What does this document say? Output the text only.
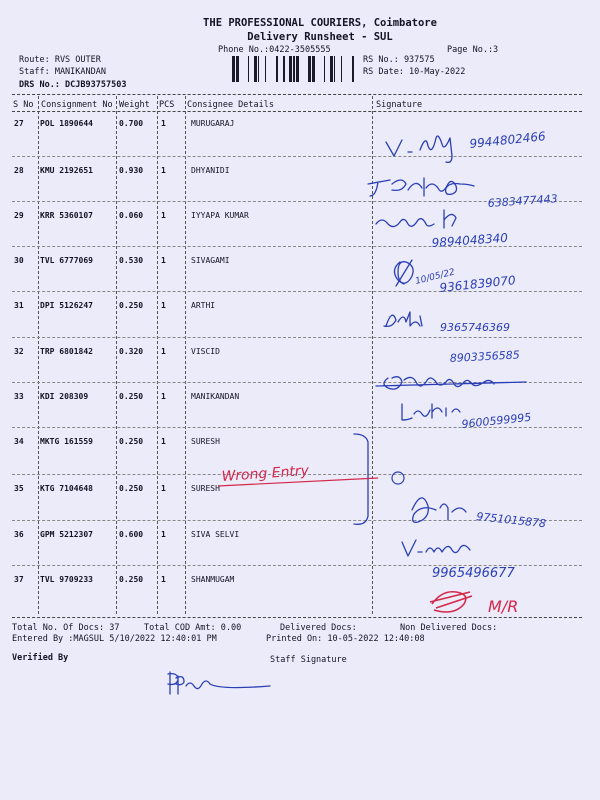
THE PROFESSIONAL COURIERS, Coimbatore
Delivery Runsheet - SUL
Phone No.:0422-3505555	Page No.:3
Route: RVS OUTER
Staff: MANIKANDAN
DRS No.: DCJB93757503
RS No.: 937575
RS Date: 10-May-2022
S No Consignment No Weight PCS Consignee Details	Signature
27 POL 1890644	0.700 1	MURUGARAJ
28 KMU 2192651	0.930 1	DHYANIDI
29 KRR 5360107	0.060 1	IYYAPA KUMAR
30 TVL 6777069	0.530 1	SIVAGAMI
31 DPI 5126247	0.250 1	ARTHI
32 TRP 6801842	0.320 1	VISCID
33 KDI 208309	0.250 1	MANIKANDAN
34 MKTG 161559	0.250 1	SURESH
35 KTG 7104648	0.250 1	SURESH
36 GPM 5212307	0.600 1	SIVA SELVI
37 TVL 9709233	0.250 1	SHANMUGAM
9944802466
6383477443
9894048340
10/05/22
9361839070
9365746369
8903356585
9600599995
Wrong Entry
9751015878
9965496677
M/R
Total No. Of Docs: 37	Total COD Amt: 0.00	Delivered Docs:	Non Delivered Docs:
Entered By :MAGSUL 5/10/2022 12:40:01 PM	Printed On: 10-05-2022 12:40:08
Verified By	Staff Signature
